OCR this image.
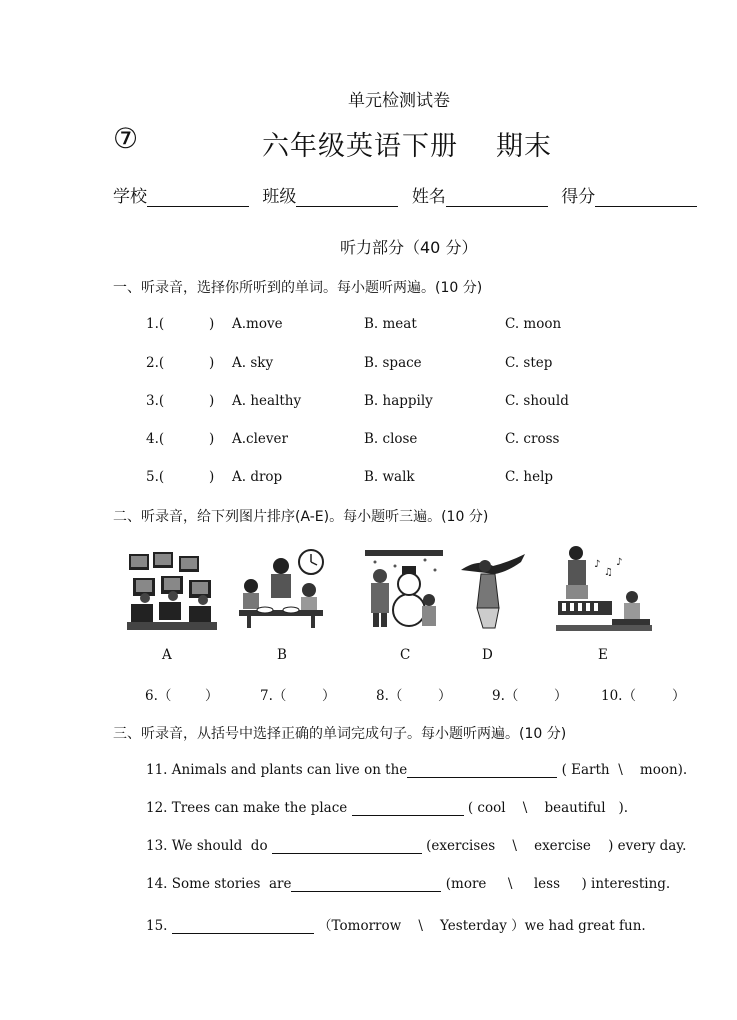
单元检测试卷
⑦	六年级英语下册 期末
学校	班级	姓名	得分
听力部分（40 分）
一、听录音，选择你所听到的单词。每小题听两遍。(10 分)
1.(	) A.move	B. meat	C. moon
2.(	) A. sky	B. space	C. step
3.(	) A. healthy	B. happily	C. should
4.(	) A.clever	B. close	C. cross
5.(	) A. drop	B. walk	C. help
二、听录音，给下列图片排序(A-E)。每小题听三遍。(10 分)
♪
♫
♪
A	B	C	D	E
6.（ ）	7.（	）	8.（	）	9.（	） 10.（	）
三、听录音，从括号中选择正确的单词完成句子。每小题听两遍。(10 分)
11. Animals and plants can live on the	( Earth  \    moon).
12. Trees can make the place	( cool    \    beautiful   ).
13. We should  do	(exercises    \    exercise    ) every day.
14. Some stories  are	(more     \     less     ) interesting.
15.	（Tomorrow    \    Yesterday ）we had great fun.
